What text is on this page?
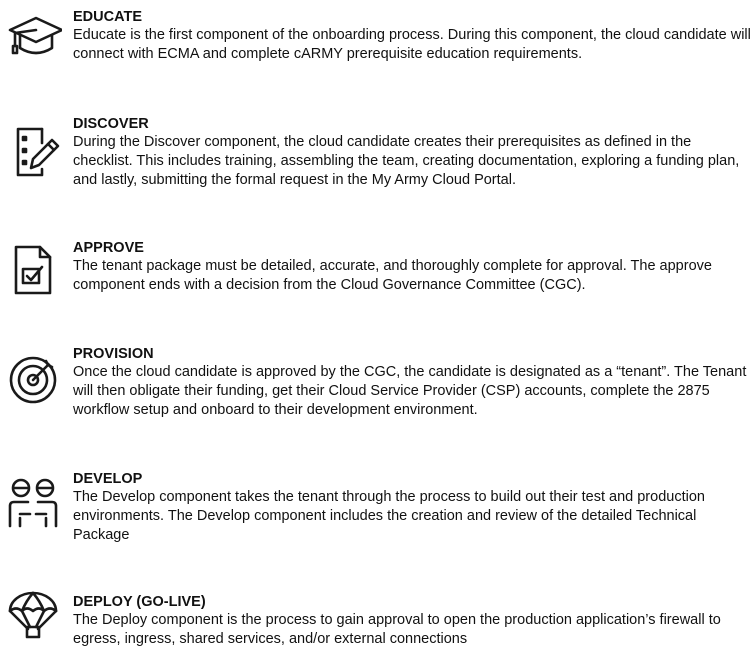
EDUCATE
Educate is the first component of the onboarding process. During this component, the cloud candidate will connect with ECMA and complete cARMY prerequisite education requirements.
DISCOVER
During the Discover component, the cloud candidate creates their prerequisites as defined in the checklist. This includes training, assembling the team, creating documentation, exploring a funding plan, and lastly, submitting the formal request in the My Army Cloud Portal.
APPROVE
The tenant package must be detailed, accurate, and thoroughly complete for approval. The approve component ends with a decision from the Cloud Governance Committee (CGC).
PROVISION
Once the cloud candidate is approved by the CGC, the candidate is designated as a “tenant”. The Tenant will then obligate their funding, get their Cloud Service Provider (CSP) accounts, complete the 2875 workflow setup and onboard to their development environment.
DEVELOP
The Develop component takes the tenant through the process to build out their test and production environments. The Develop component includes the creation and review of the detailed Technical Package
DEPLOY (GO-LIVE)
The Deploy component is the process to gain approval to open the production application’s firewall to egress, ingress, shared services, and/or external connections
